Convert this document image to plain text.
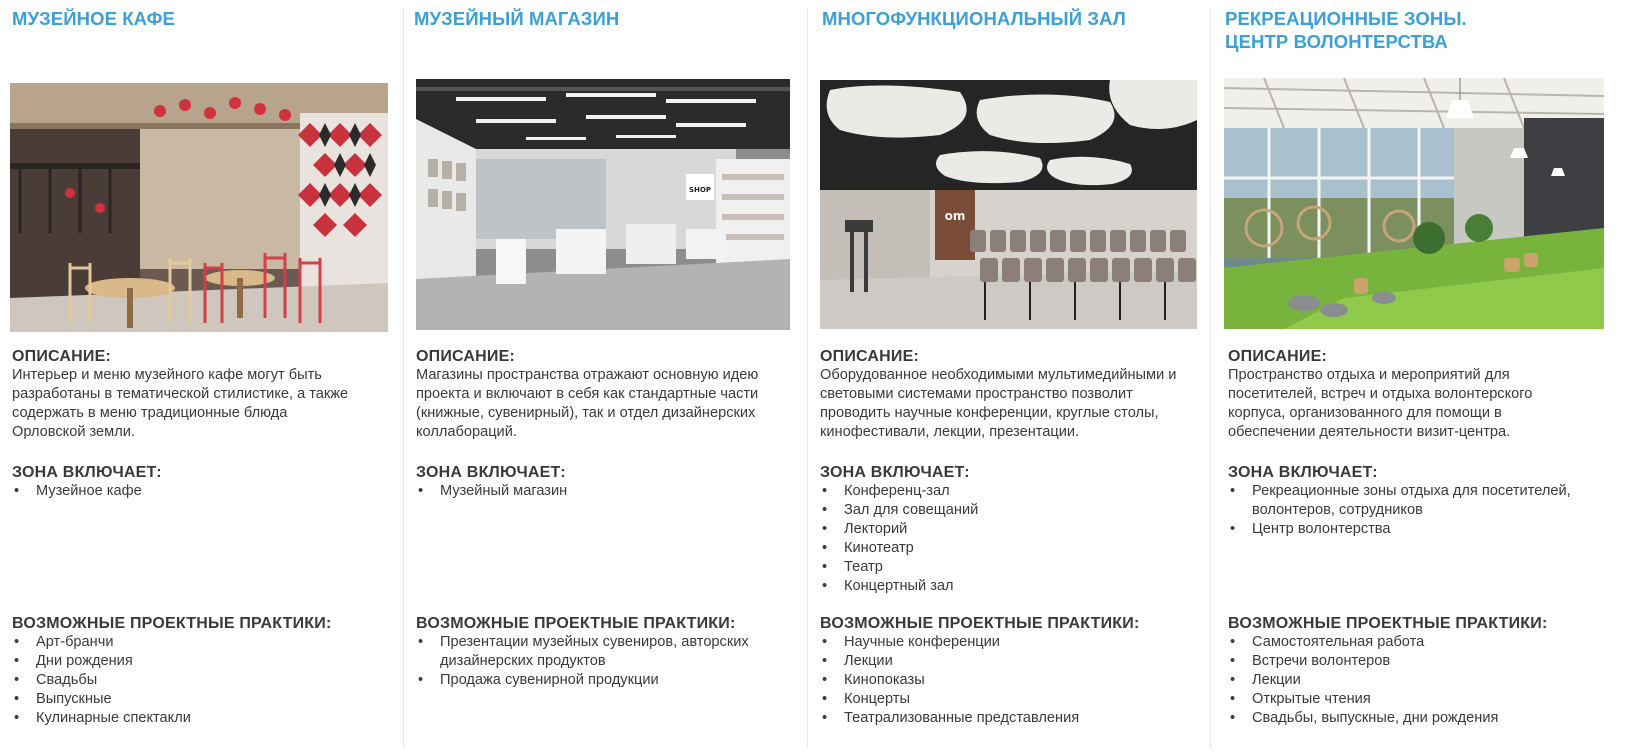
МУЗЕЙНОЕ КАФЕ
ОПИСАНИЕ:

Интерьер и меню музейного кафе могут быть разработаны в тематической стилистике, а также содержать в меню традиционные блюда Орловской земли.

ЗОНА ВКЛЮЧАЕТ:
• Музейное кафе
ВОЗМОЖНЫЕ ПРОЕКТНЫЕ ПРАКТИКИ:
• Арт-бранчи
• Дни рождения
• Свадьбы
• Выпускные
• Кулинарные спектакли
МУЗЕЙНЫЙ МАГАЗИН
SHOP
ОПИСАНИЕ:

Магазины пространства отражают основную идею проекта и включают в себя как стандартные части (книжные, сувенирный), так и отдел дизайнерских коллабораций.

ЗОНА ВКЛЮЧАЕТ:
• Музейный магазин
ВОЗМОЖНЫЕ ПРОЕКТНЫЕ ПРАКТИКИ:
• Презентации музейных сувениров, авторских дизайнерских продуктов
• Продажа сувенирной продукции
МНОГОФУНКЦИОНАЛЬНЫЙ ЗАЛ
om
ОПИСАНИЕ:

Оборудованное необходимыми мультимедийными и световыми системами пространство позволит проводить научные конференции, круглые столы, кинофестивали, лекции, презентации.

ЗОНА ВКЛЮЧАЕТ:
• Конференц-зал
• Зал для совещаний
• Лекторий
• Кинотеатр
• Театр
• Концертный зал
ВОЗМОЖНЫЕ ПРОЕКТНЫЕ ПРАКТИКИ:
• Научные конференции
• Лекции
• Кинопоказы
• Концерты
• Театрализованные представления
РЕКРЕАЦИОННЫЕ ЗОНЫ.
ЦЕНТР ВОЛОНТЕРСТВА
ОПИСАНИЕ:

Пространство отдыха и мероприятий для посетителей, встреч и отдыха волонтерского корпуса, организованного для помощи в обеспечении деятельности визит-центра.

ЗОНА ВКЛЮЧАЕТ:
• Рекреационные зоны отдыха для посетителей, волонтеров, сотрудников
• Центр волонтерства
ВОЗМОЖНЫЕ ПРОЕКТНЫЕ ПРАКТИКИ:
• Самостоятельная работа
• Встречи волонтеров
• Лекции
• Открытые чтения
• Свадьбы, выпускные, дни рождения
